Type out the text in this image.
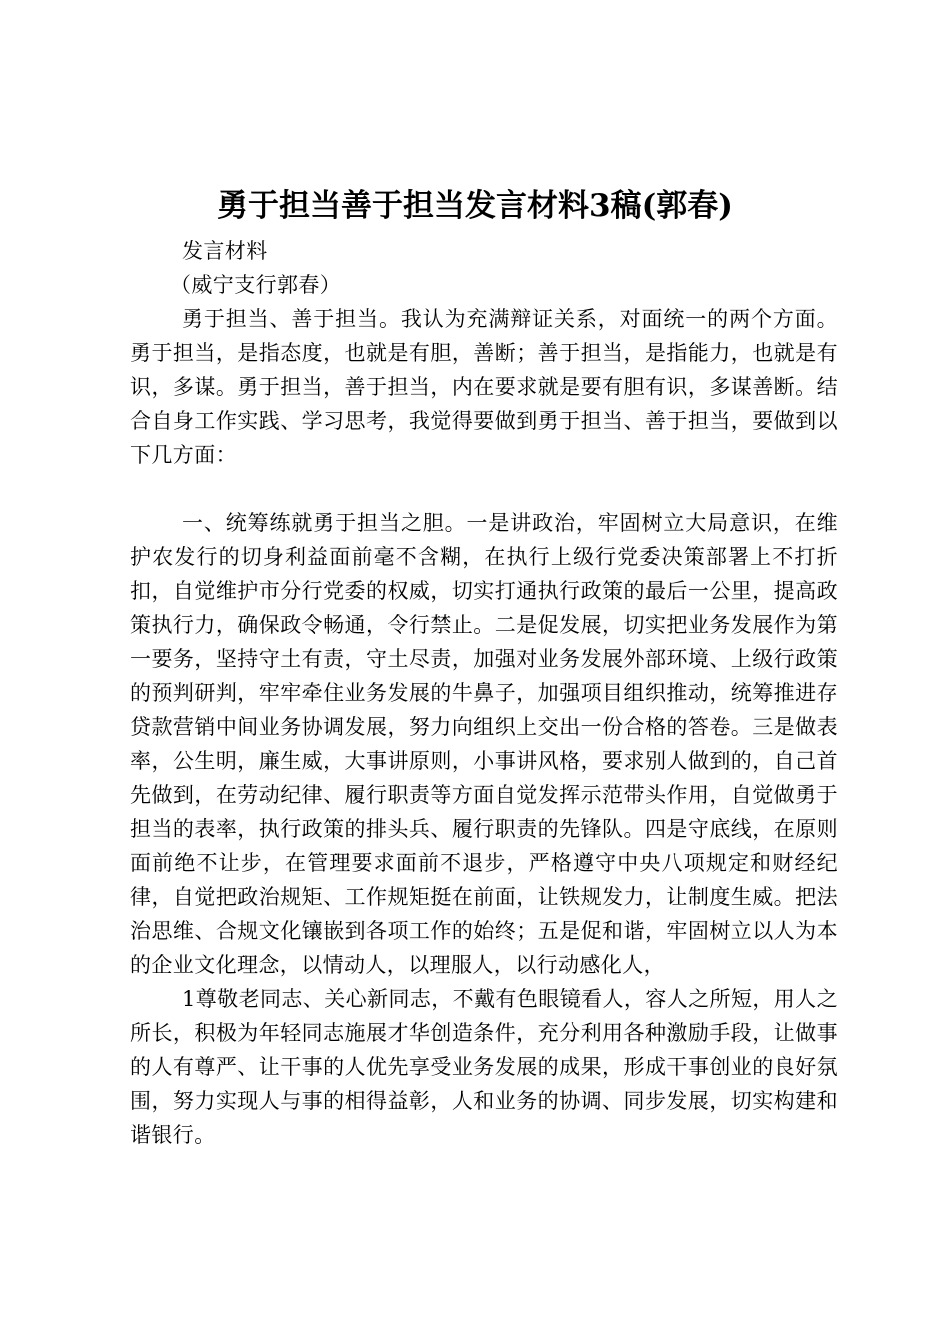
勇于担当善于担当发言材料3稿(郭春)

发言材料

（威宁支行郭春）

勇于担当、善于担当。我认为充满辩证关系，对面统一的两个方面。勇于担当，是指态度，也就是有胆，善断；善于担当，是指能力，也就是有识，多谋。勇于担当，善于担当，内在要求就是要有胆有识，多谋善断。结合自身工作实践、学习思考，我觉得要做到勇于担当、善于担当，要做到以下几方面：

一、统筹练就勇于担当之胆。一是讲政治，牢固树立大局意识，在维护农发行的切身利益面前毫不含糊，在执行上级行党委决策部署上不打折扣，自觉维护市分行党委的权威，切实打通执行政策的最后一公里，提高政策执行力，确保政令畅通，令行禁止。二是促发展，切实把业务发展作为第一要务，坚持守土有责，守土尽责，加强对业务发展外部环境、上级行政策的预判研判，牢牢牵住业务发展的牛鼻子，加强项目组织推动，统筹推进存贷款营销中间业务协调发展，努力向组织上交出一份合格的答卷。三是做表率，公生明，廉生威，大事讲原则，小事讲风格，要求别人做到的，自己首先做到，在劳动纪律、履行职责等方面自觉发挥示范带头作用，自觉做勇于担当的表率，执行政策的排头兵、履行职责的先锋队。四是守底线，在原则面前绝不让步，在管理要求面前不退步，严格遵守中央八项规定和财经纪律，自觉把政治规矩、工作规矩挺在前面，让铁规发力，让制度生威。把法治思维、合规文化镶嵌到各项工作的始终；五是促和谐，牢固树立以人为本的企业文化理念，以情动人，以理服人，以行动感化人，

1尊敬老同志、关心新同志，不戴有色眼镜看人，容人之所短，用人之所长，积极为年轻同志施展才华创造条件，充分利用各种激励手段，让做事的人有尊严、让干事的人优先享受业务发展的成果，形成干事创业的良好氛围，努力实现人与事的相得益彰，人和业务的协调、同步发展，切实构建和谐银行。
